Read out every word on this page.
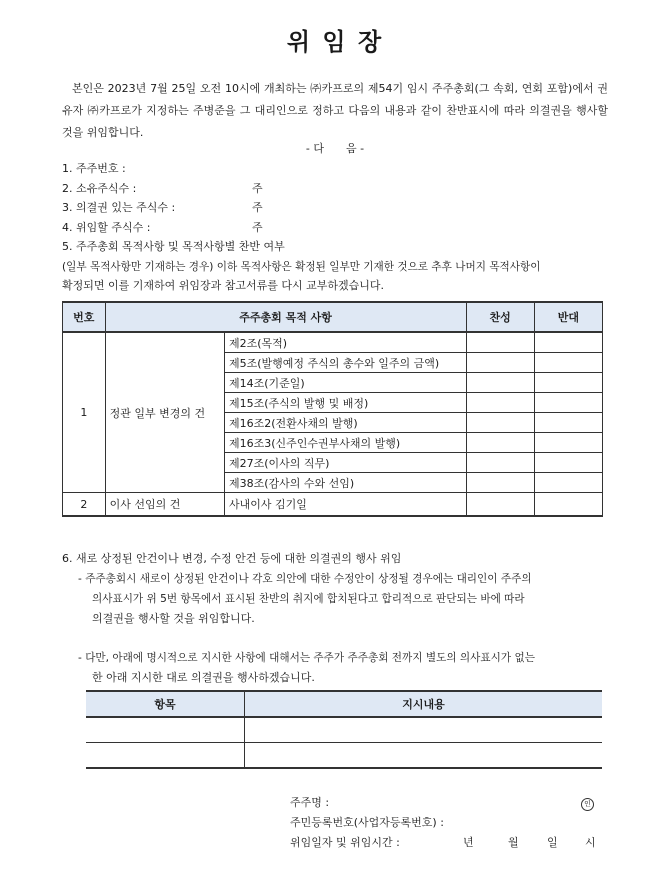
위 임 장
본인은 2023년 7월 25일 오전 10시에 개최하는 ㈜카프로의 제54기 임시 주주총회(그 속회, 연회 포함)에서 권유자 ㈜카프로가 지정하는 주병준을 그 대리인으로 정하고 다음의 내용과 같이 찬반표시에 따라 의결권을 행사할 것을 위임합니다.
- 다　　음 -
1. 주주번호 :
2. 소유주식수 :	주
3. 의결권 있는 주식수 :	주
4. 위임할 주식수 :	주
5. 주주총회 목적사항 및 목적사항별 찬반 여부
(일부 목적사항만 기재하는 경우) 이하 목적사항은 확정된 일부만 기재한 것으로 추후 나머지 목적사항이
확정되면 이를 기재하여 위임장과 참고서류를 다시 교부하겠습니다.
번호	주주총회 목적 사항		찬성	반대
1	정관 일부 변경의 건	제2조(목적)		
		제5조(발행예정 주식의 총수와 일주의 금액)		
		제14조(기준일)		
		제15조(주식의 발행 및 배정)		
		제16조2(전환사채의 발행)		
		제16조3(신주인수권부사채의 발행)		
		제27조(이사의 직무)		
		제38조(감사의 수와 선임)		
2	이사 선임의 건	사내이사 김기일		
6. 새로 상정된 안건이나 변경, 수정 안건 등에 대한 의결권의 행사 위임
- 주주총회시 새로이 상정된 안건이나 각호 의안에 대한 수정안이 상정될 경우에는 대리인이 주주의
의사표시가 위 5번 항목에서 표시된 찬반의 취지에 합치된다고 합리적으로 판단되는 바에 따라
의결권을 행사할 것을 위임합니다.
- 다만, 아래에 명시적으로 지시한 사항에 대해서는 주주가 주주총회 전까지 별도의 의사표시가 없는
한 아래 지시한 대로 의결권을 행사하겠습니다.
항목	지시내용

주주명 :	인
주민등록번호(사업자등록번호) :
위임일자 및 위임시간 :	년	월	일 시
